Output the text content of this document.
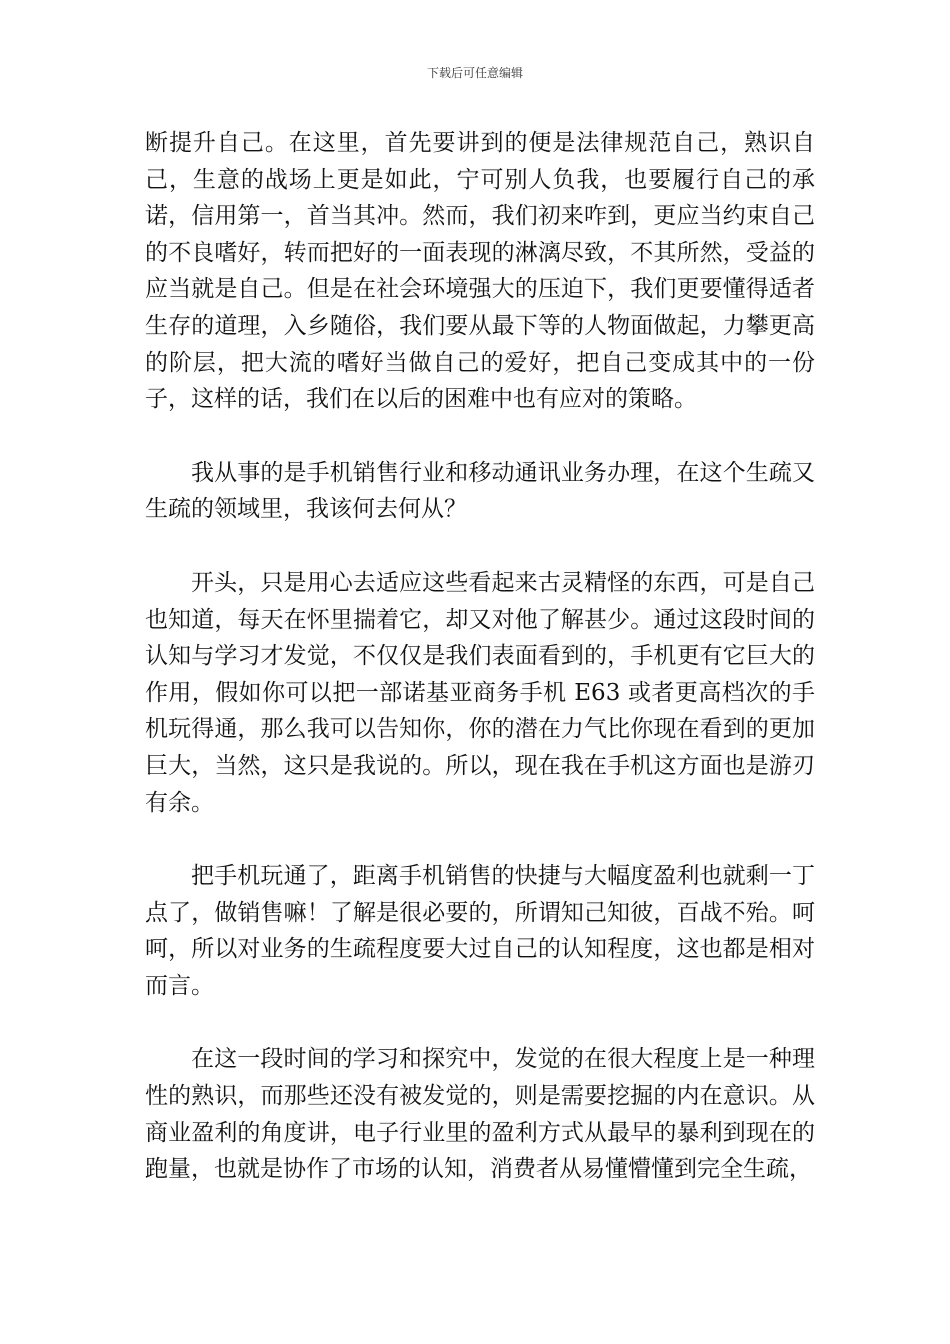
下载后可任意编辑

断提升自己。在这里，首先要讲到的便是法律规范自己，熟识自己，生意的战场上更是如此，宁可别人负我，也要履行自己的承诺，信用第一，首当其冲。然而，我们初来咋到，更应当约束自己的不良嗜好，转而把好的一面表现的淋漓尽致，不其所然，受益的应当就是自己。但是在社会环境强大的压迫下，我们更要懂得适者生存的道理，入乡随俗，我们要从最下等的人物面做起，力攀更高的阶层，把大流的嗜好当做自己的爱好，把自己变成其中的一份子，这样的话，我们在以后的困难中也有应对的策略。

我从事的是手机销售行业和移动通讯业务办理，在这个生疏又生疏的领域里，我该何去何从？

开头，只是用心去适应这些看起来古灵精怪的东西，可是自己也知道，每天在怀里揣着它，却又对他了解甚少。通过这段时间的认知与学习才发觉，不仅仅是我们表面看到的，手机更有它巨大的作用，假如你可以把一部诺基亚商务手机 E63 或者更高档次的手机玩得通，那么我可以告知你，你的潜在力气比你现在看到的更加巨大，当然，这只是我说的。所以，现在我在手机这方面也是游刃有余。

把手机玩通了，距离手机销售的快捷与大幅度盈利也就剩一丁点了，做销售嘛！了解是很必要的，所谓知己知彼，百战不殆。呵呵，所以对业务的生疏程度要大过自己的认知程度，这也都是相对而言。

在这一段时间的学习和探究中，发觉的在很大程度上是一种理性的熟识，而那些还没有被发觉的，则是需要挖掘的内在意识。从商业盈利的角度讲，电子行业里的盈利方式从最早的暴利到现在的跑量，也就是协作了市场的认知，消费者从易懂懵懂到完全生疏，
